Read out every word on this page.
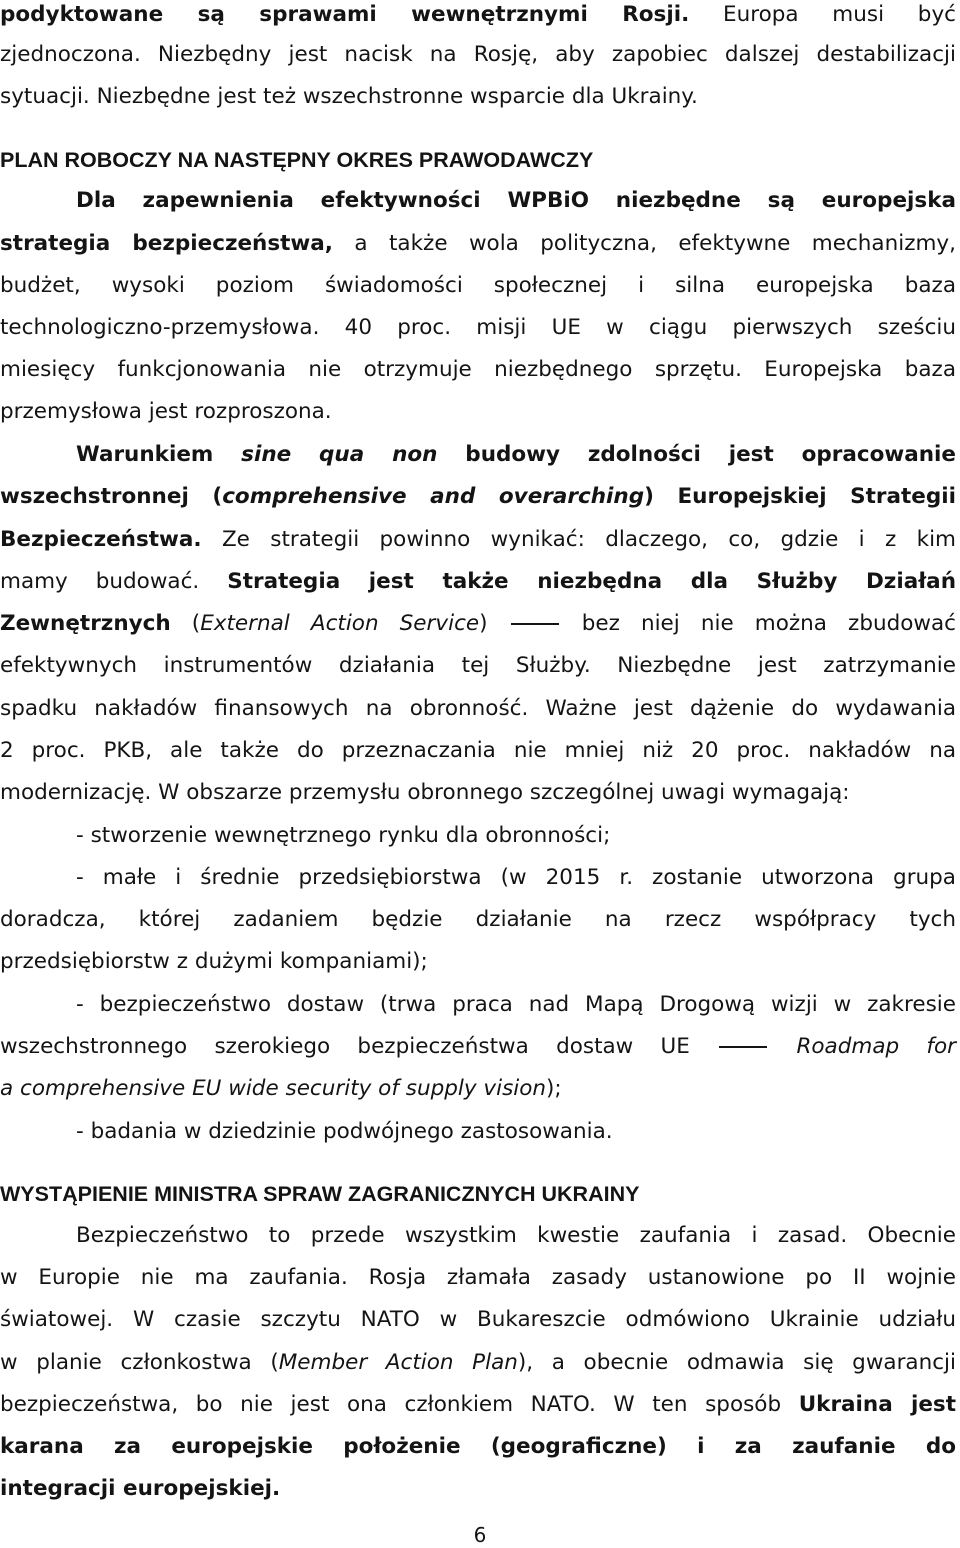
podyktowane są sprawami wewnętrznymi Rosji. Europa musi być
zjednoczona. Niezbędny jest nacisk na Rosję, aby zapobiec dalszej destabilizacji
sytuacji. Niezbędne jest też wszechstronne wsparcie dla Ukrainy.
PLAN ROBOCZY NA NASTĘPNY OKRES PRAWODAWCZY
Dla zapewnienia efektywności WPBiO niezbędne są europejska
strategia bezpieczeństwa, a także wola polityczna, efektywne mechanizmy,
budżet, wysoki poziom świadomości społecznej i silna europejska baza
technologiczno-przemysłowa. 40 proc. misji UE w ciągu pierwszych sześciu
miesięcy funkcjonowania nie otrzymuje niezbędnego sprzętu. Europejska baza
przemysłowa jest rozproszona.
Warunkiem sine qua non budowy zdolności jest opracowanie
wszechstronnej (comprehensive and overarching) Europejskiej Strategii
Bezpieczeństwa. Ze strategii powinno wynikać: dlaczego, co, gdzie i z kim
mamy budować. Strategia jest także niezbędna dla Służby Działań
Zewnętrznych (External Action Service)	bez niej nie można zbudować
efektywnych instrumentów działania tej Służby. Niezbędne jest zatrzymanie
spadku nakładów finansowych na obronność. Ważne jest dążenie do wydawania
2 proc. PKB, ale także do przeznaczania nie mniej niż 20 proc. nakładów na
modernizację. W obszarze przemysłu obronnego szczególnej uwagi wymagają:
- stworzenie wewnętrznego rynku dla obronności;
- małe i średnie przedsiębiorstwa (w 2015 r. zostanie utworzona grupa
doradcza, której zadaniem będzie działanie na rzecz współpracy tych
przedsiębiorstw z dużymi kompaniami);
- bezpieczeństwo dostaw (trwa praca nad Mapą Drogową wizji w zakresie
wszechstronnego szerokiego bezpieczeństwa dostaw UE	Roadmap for
a comprehensive EU wide security of supply vision);
- badania w dziedzinie podwójnego zastosowania.
WYSTĄPIENIE MINISTRA SPRAW ZAGRANICZNYCH UKRAINY
Bezpieczeństwo to przede wszystkim kwestie zaufania i zasad. Obecnie
w Europie nie ma zaufania. Rosja złamała zasady ustanowione po II wojnie
światowej. W czasie szczytu NATO w Bukareszcie odmówiono Ukrainie udziału
w planie członkostwa (Member Action Plan), a obecnie odmawia się gwarancji
bezpieczeństwa, bo nie jest ona członkiem NATO. W ten sposób Ukraina jest
karana za europejskie położenie (geograficzne) i za zaufanie do
integracji europejskiej.
6
